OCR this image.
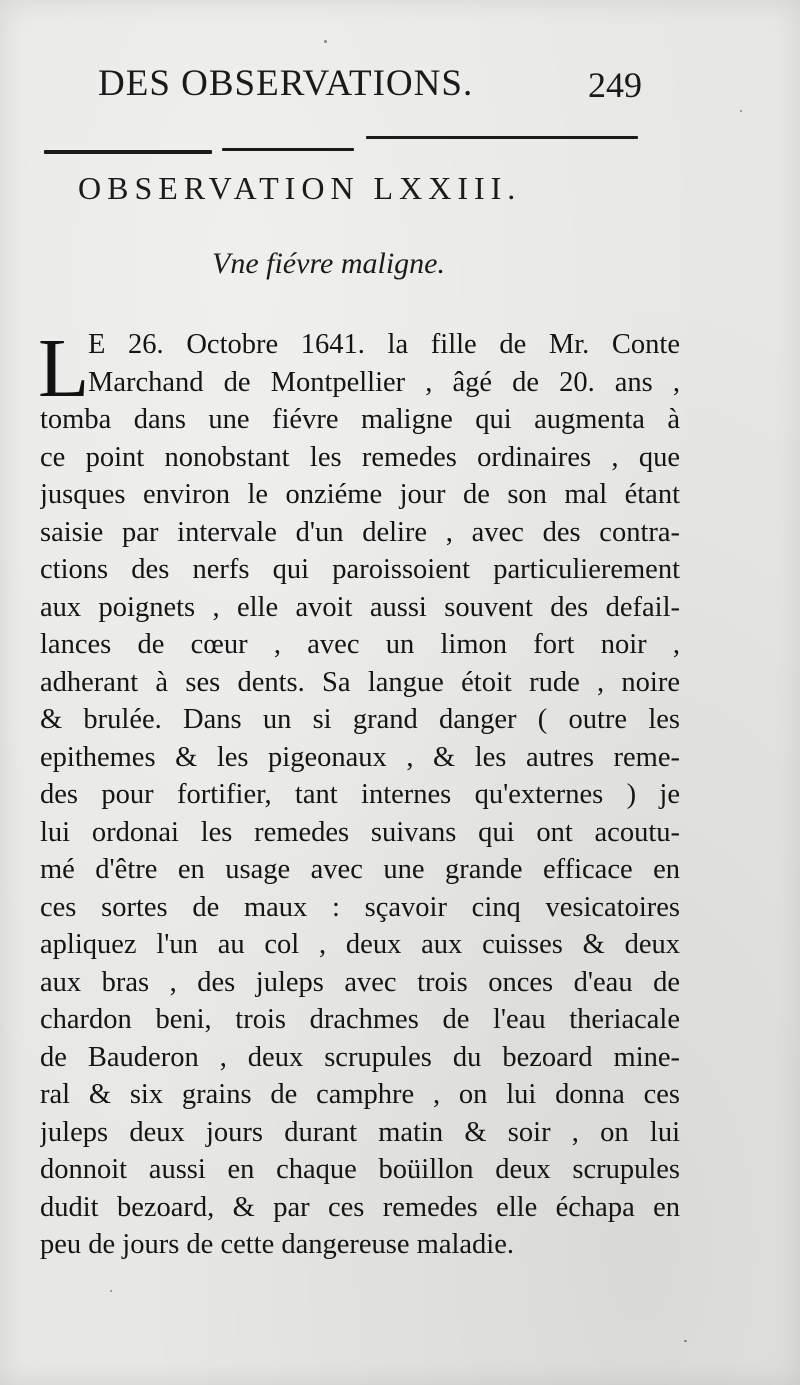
DES OBSERVATIONS.	249
OBSERVATION LXXIII.
Vne fiévre maligne.
L
E 26. Octobre 1641. la fille de Mr. Conte
Marchand de Montpellier , âgé de 20. ans ,
tomba dans une fiévre maligne qui augmenta à
ce point nonobstant les remedes ordinaires , que
jusques environ le onziéme jour de son mal étant
saisie par intervale d'un delire , avec des contra-
ctions des nerfs qui paroissoient particulierement
aux poignets , elle avoit aussi souvent des defail-
lances de cœur , avec un limon fort noir ,
adherant à ses dents. Sa langue étoit rude , noire
& brulée. Dans un si grand danger ( outre les
epithemes & les pigeonaux , & les autres reme-
des pour fortifier, tant internes qu'externes ) je
lui ordonai les remedes suivans qui ont acoutu-
mé d'être en usage avec une grande efficace en
ces sortes de maux : sçavoir cinq vesicatoires
apliquez l'un au col , deux aux cuisses & deux
aux bras , des juleps avec trois onces d'eau de
chardon beni, trois drachmes de l'eau theriacale
de Bauderon , deux scrupules du bezoard mine-
ral & six grains de camphre , on lui donna ces
juleps deux jours durant matin & soir , on lui
donnoit aussi en chaque boüillon deux scrupules
dudit bezoard, & par ces remedes elle échapa en
peu de jours de cette dangereuse maladie.
